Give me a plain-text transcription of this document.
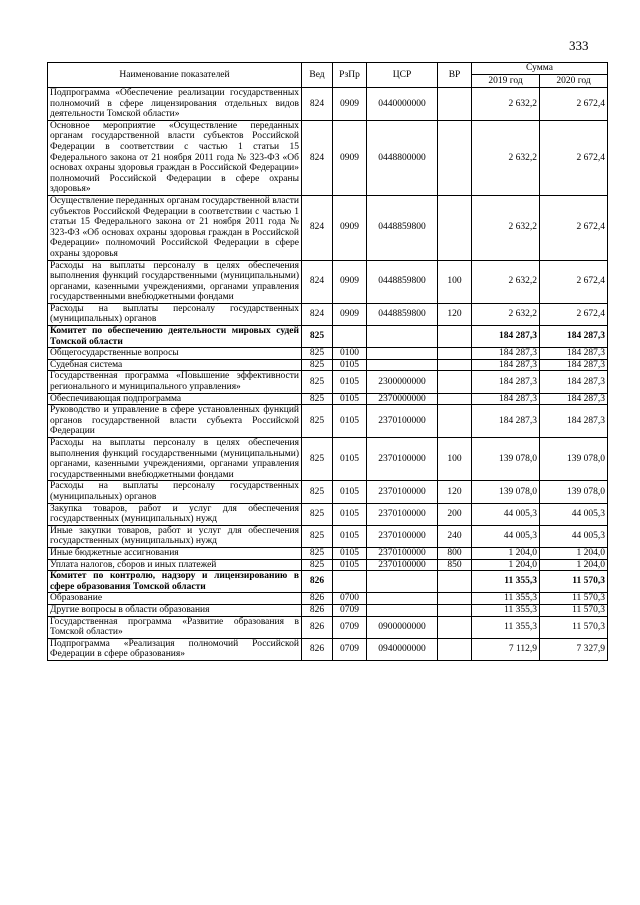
333
Наименование показателей	Вед	РзПр	ЦСР	ВР	Сумма	
					2019 год	2020 год
Подпрограмма «Обеспечение реализации государственных полномочий в сфере лицензирования отдельных видов деятельности Томской области»	824	0909	0440000000		2 632,2	2 672,4
Основное мероприятие «Осуществление переданных органам государственной власти субъектов Российской Федерации в соответствии с частью 1 статьи 15 Федерального закона от 21 ноября 2011 года № 323-ФЗ «Об основах охраны здоровья граждан в Российской Федерации» полномочий Российской Федерации в сфере охраны здоровья»	824	0909	0448800000		2 632,2	2 672,4
Осуществление переданных органам государственной власти субъектов Российской Федерации в соответствии с частью 1 статьи 15 Федерального закона от 21 ноября 2011 года № 323-ФЗ «Об основах охраны здоровья граждан в Российской Федерации» полномочий Российской Федерации в сфере охраны здоровья	824	0909	0448859800		2 632,2	2 672,4
Расходы на выплаты персоналу в целях обеспечения выполнения функций государственными (муниципальными) органами, казенными учреждениями, органами управления государственными внебюджетными фондами	824	0909	0448859800	100	2 632,2	2 672,4
Расходы на выплаты персоналу государственных (муниципальных) органов	824	0909	0448859800	120	2 632,2	2 672,4
Комитет по обеспечению деятельности мировых судей Томской области	825				184 287,3	184 287,3
Общегосударственные вопросы	825	0100			184 287,3	184 287,3
Судебная система	825	0105			184 287,3	184 287,3
Государственная программа «Повышение эффективности регионального и муниципального управления»	825	0105	2300000000		184 287,3	184 287,3
Обеспечивающая подпрограмма	825	0105	2370000000		184 287,3	184 287,3
Руководство и управление в сфере установленных функций органов государственной власти субъекта Российской Федерации	825	0105	2370100000		184 287,3	184 287,3
Расходы на выплаты персоналу в целях обеспечения выполнения функций государственными (муниципальными) органами, казенными учреждениями, органами управления государственными внебюджетными фондами	825	0105	2370100000	100	139 078,0	139 078,0
Расходы на выплаты персоналу государственных (муниципальных) органов	825	0105	2370100000	120	139 078,0	139 078,0
Закупка товаров, работ и услуг для обеспечения государственных (муниципальных) нужд	825	0105	2370100000	200	44 005,3	44 005,3
Иные закупки товаров, работ и услуг для обеспечения государственных (муниципальных) нужд	825	0105	2370100000	240	44 005,3	44 005,3
Иные бюджетные ассигнования	825	0105	2370100000	800	1 204,0	1 204,0
Уплата налогов, сборов и иных платежей	825	0105	2370100000	850	1 204,0	1 204,0
Комитет по контролю, надзору и лицензированию в сфере образования Томской области	826				11 355,3	11 570,3
Образование	826	0700			11 355,3	11 570,3
Другие вопросы в области образования	826	0709			11 355,3	11 570,3
Государственная программа «Развитие образования в Томской области»	826	0709	0900000000		11 355,3	11 570,3
Подпрограмма «Реализация полномочий Российской Федерации в сфере образования»	826	0709	0940000000		7 112,9	7 327,9
